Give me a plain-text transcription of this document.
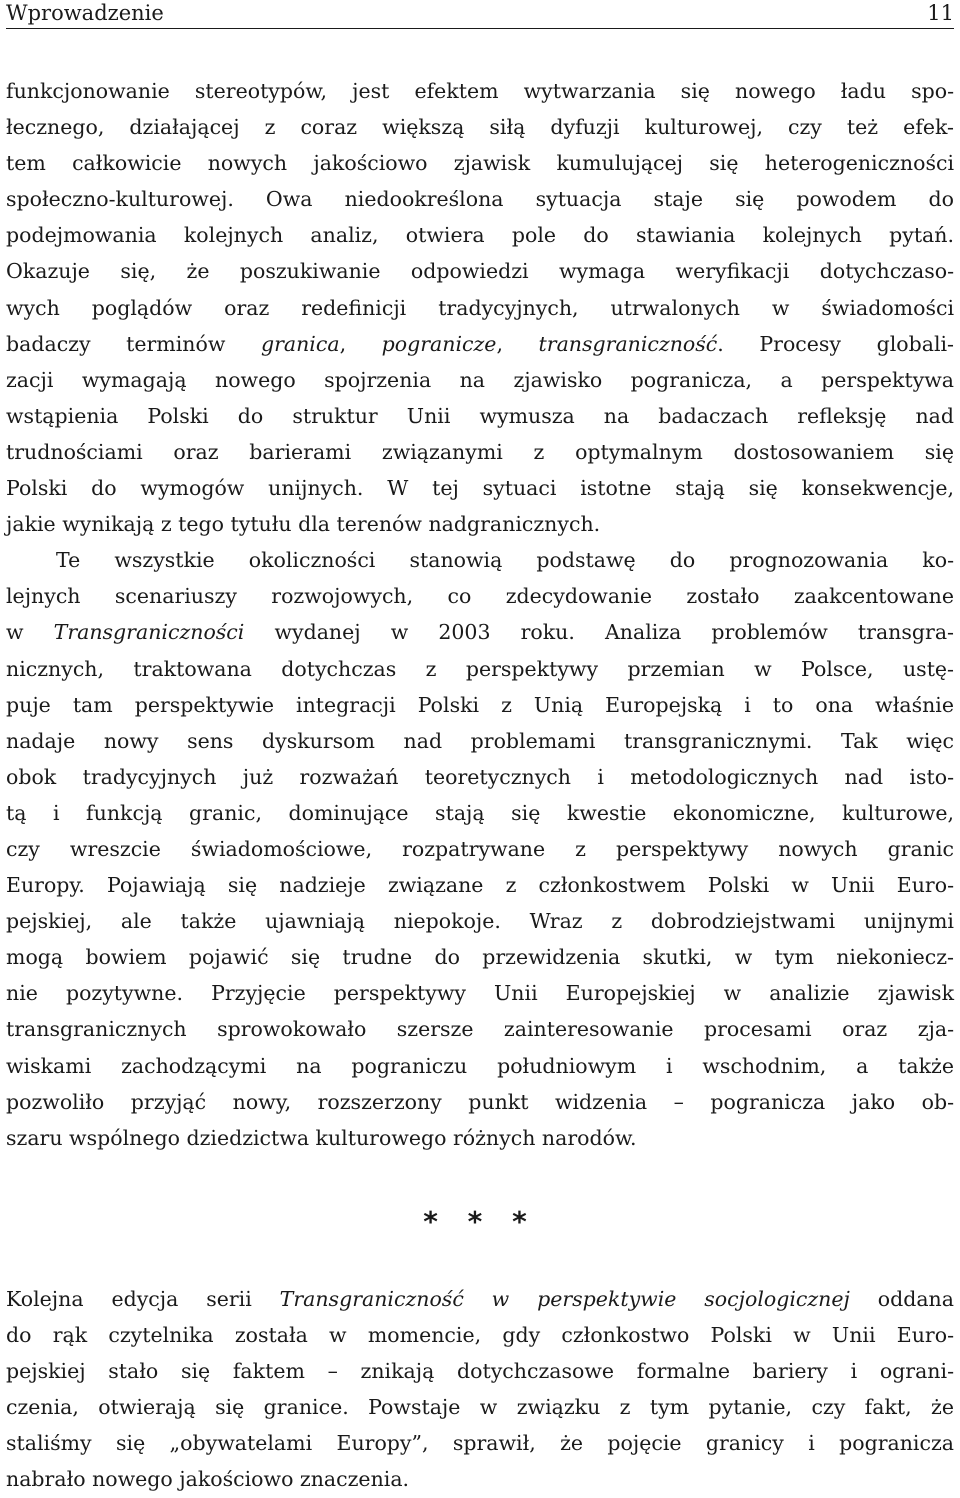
Wprowadzenie	11
funkcjonowanie stereotypów, jest efektem wytwarzania się nowego ładu spo-
łecznego, działającej z coraz większą siłą dyfuzji kulturowej, czy też efek-
tem całkowicie nowych jakościowo zjawisk kumulującej się heterogeniczności
społeczno-kulturowej. Owa niedookreślona sytuacja staje się powodem do
podejmowania kolejnych analiz, otwiera pole do stawiania kolejnych pytań.
Okazuje się, że poszukiwanie odpowiedzi wymaga weryfikacji dotychczaso-
wych poglądów oraz redefinicji tradycyjnych, utrwalonych w świadomości
badaczy terminów granica, pogranicze, transgraniczność. Procesy globali-
zacji wymagają nowego spojrzenia na zjawisko pogranicza, a perspektywa
wstąpienia Polski do struktur Unii wymusza na badaczach refleksję nad
trudnościami oraz barierami związanymi z optymalnym dostosowaniem się
Polski do wymogów unijnych. W tej sytuaci istotne stają się konsekwencje,
jakie wynikają z tego tytułu dla terenów nadgranicznych.
Te wszystkie okoliczności stanowią podstawę do prognozowania ko-
lejnych scenariuszy rozwojowych, co zdecydowanie zostało zaakcentowane
w Transgraniczności wydanej w 2003 roku. Analiza problemów transgra-
nicznych, traktowana dotychczas z perspektywy przemian w Polsce, ustę-
puje tam perspektywie integracji Polski z Unią Europejską i to ona właśnie
nadaje nowy sens dyskursom nad problemami transgranicznymi. Tak więc
obok tradycyjnych już rozważań teoretycznych i metodologicznych nad isto-
tą i funkcją granic, dominujące stają się kwestie ekonomiczne, kulturowe,
czy wreszcie świadomościowe, rozpatrywane z perspektywy nowych granic
Europy. Pojawiają się nadzieje związane z członkostwem Polski w Unii Euro-
pejskiej, ale także ujawniają niepokoje. Wraz z dobrodziejstwami unijnymi
mogą bowiem pojawić się trudne do przewidzenia skutki, w tym niekoniecz-
nie pozytywne. Przyjęcie perspektywy Unii Europejskiej w analizie zjawisk
transgranicznych sprowokowało szersze zainteresowanie procesami oraz zja-
wiskami zachodzącymi na pograniczu południowym i wschodnim, a także
pozwoliło przyjąć nowy, rozszerzony punkt widzenia – pogranicza jako ob-
szaru wspólnego dziedzictwa kulturowego różnych narodów.
* * *
Kolejna edycja serii Transgraniczność w perspektywie socjologicznej oddana
do rąk czytelnika została w momencie, gdy członkostwo Polski w Unii Euro-
pejskiej stało się faktem – znikają dotychczasowe formalne bariery i ograni-
czenia, otwierają się granice. Powstaje w związku z tym pytanie, czy fakt, że
staliśmy się „obywatelami Europy”, sprawił, że pojęcie granicy i pogranicza
nabrało nowego jakościowo znaczenia.
